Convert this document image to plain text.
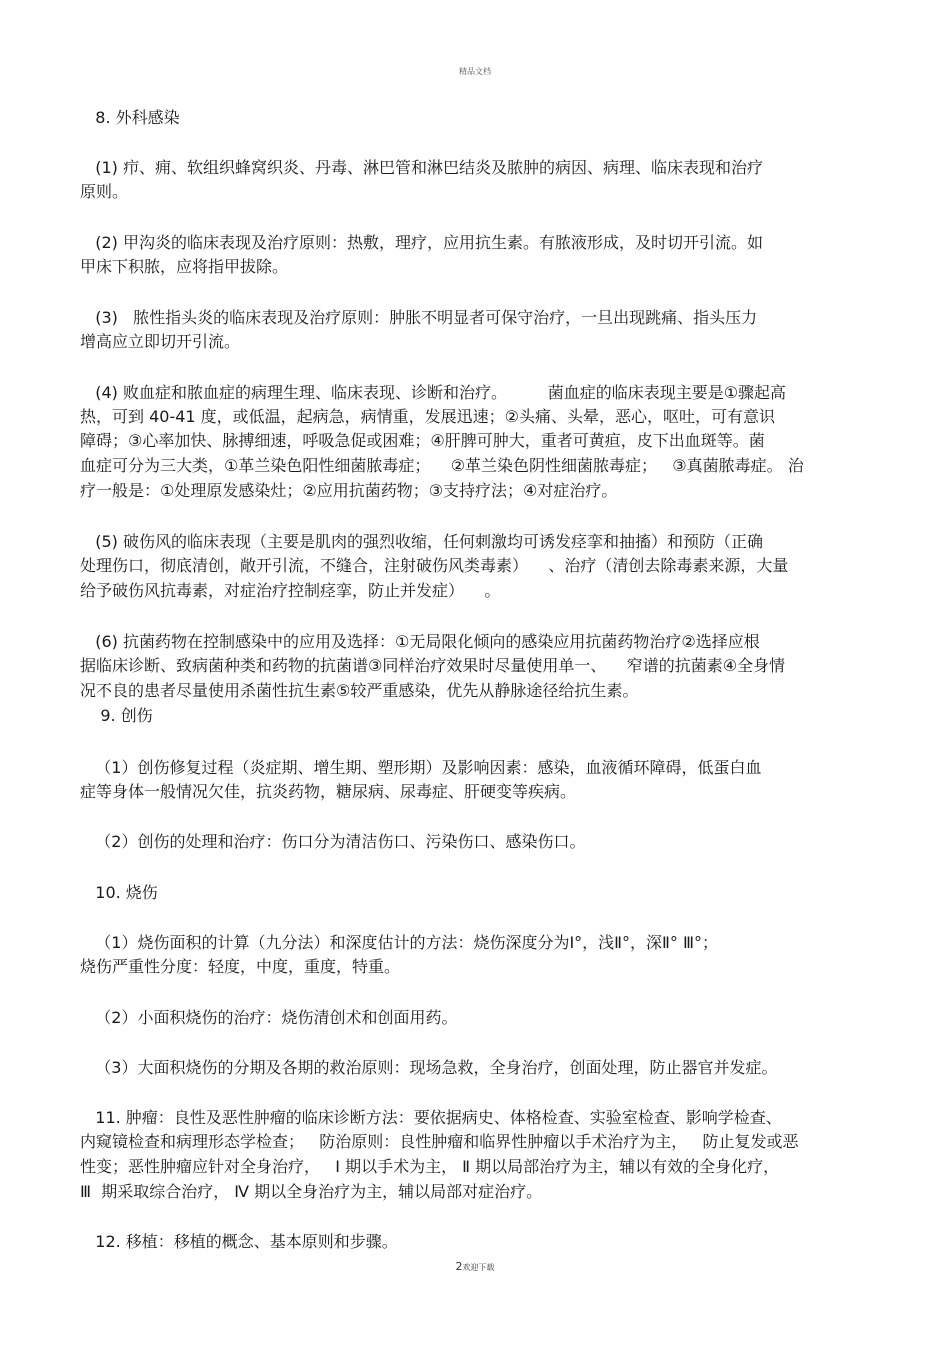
精品文档
8. 外科感染
(1) 疖、痈、软组织蜂窝织炎、丹毒、淋巴管和淋巴结炎及脓肿的病因、病理、临床表现和治疗
原则。
(2) 甲沟炎的临床表现及治疗原则：热敷，理疗，应用抗生素。有脓液形成，及时切开引流。如
甲床下积脓，应将指甲拔除。
(3)   脓性指头炎的临床表现及治疗原则：肿胀不明显者可保守治疗，一旦出现跳痛、指头压力
增高应立即切开引流。
(4) 败血症和脓血症的病理生理、临床表现、诊断和治疗。        菌血症的临床表现主要是①骤起高
热，可到 40-41 度，或低温，起病急，病情重，发展迅速；②头痛、头晕，恶心，呕吐，可有意识
障碍；③心率加快、脉搏细速，呼吸急促或困难；④肝脾可肿大，重者可黄疸，皮下出血斑等。菌
血症可分为三大类，①革兰染色阳性细菌脓毒症；    ②革兰染色阴性细菌脓毒症；   ③真菌脓毒症。 治
疗一般是：①处理原发感染灶；②应用抗菌药物；③支持疗法；④对症治疗。
(5) 破伤风的临床表现（主要是肌肉的强烈收缩，任何刺激均可诱发痉挛和抽搐）和预防（正确
处理伤口，彻底清创，敞开引流，不缝合，注射破伤风类毒素）    、治疗（清创去除毒素来源，大量
给予破伤风抗毒素，对症治疗控制痉挛，防止并发症）    。
(6) 抗菌药物在控制感染中的应用及选择：①无局限化倾向的感染应用抗菌药物治疗②选择应根
据临床诊断、致病菌种类和药物的抗菌谱③同样治疗效果时尽量使用单一、    窄谱的抗菌素④全身情
况不良的患者尽量使用杀菌性抗生素⑤较严重感染，优先从静脉途径给抗生素。
9. 创伤
（1）创伤修复过程（炎症期、增生期、塑形期）及影响因素：感染，血液循环障碍，低蛋白血
症等身体一般情况欠佳，抗炎药物，糖尿病、尿毒症、肝硬变等疾病。
（2）创伤的处理和治疗：伤口分为清洁伤口、污染伤口、感染伤口。
10. 烧伤
（1）烧伤面积的计算（九分法）和深度估计的方法：烧伤深度分为Ⅰ°，浅Ⅱ°，深Ⅱ° Ⅲ°；
烧伤严重性分度：轻度，中度，重度，特重。
（2）小面积烧伤的治疗：烧伤清创术和创面用药。
（3）大面积烧伤的分期及各期的救治原则：现场急救，全身治疗，创面处理，防止器官并发症。
11. 肿瘤：良性及恶性肿瘤的临床诊断方法：要依据病史、体格检查、实验室检查、影响学检查、
内窥镜检查和病理形态学检查；   防治原则：良性肿瘤和临界性肿瘤以手术治疗为主，   防止复发或恶
性变；恶性肿瘤应针对全身治疗，   Ⅰ 期以手术为主， Ⅱ 期以局部治疗为主，辅以有效的全身化疗，
Ⅲ  期采取综合治疗， Ⅳ 期以全身治疗为主，辅以局部对症治疗。
12. 移植：移植的概念、基本原则和步骤。
2欢迎下载
